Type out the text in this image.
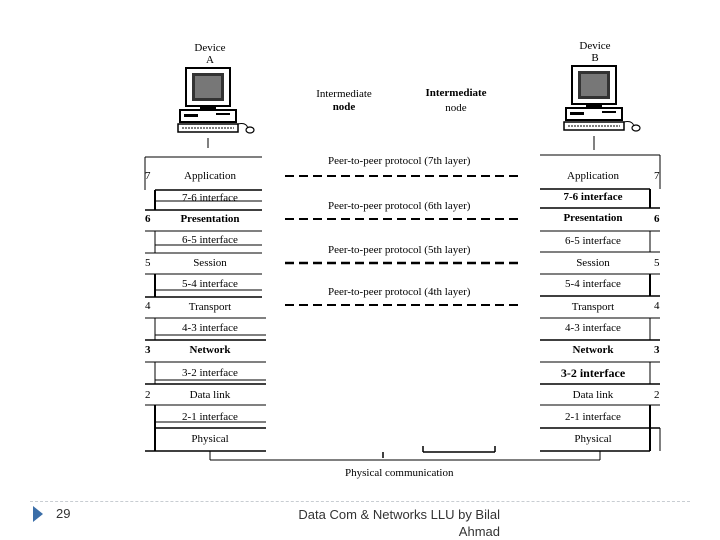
Device
A
Device
B
Intermediate
node
Intermediate
node
Application
7-6 interface
Presentation
6-5 interface
Session
5-4 interface
Transport
4-3 interface
Network
3-2 interface
Data link
2-1 interface
Physical
Application
7-6 interface
Presentation
6-5 interface
Session
5-4 interface
Transport
4-3 interface
Network
3-2 interface
Data link
2-1 interface
Physical
7
6
5
4
3
2
7
6
5
4
3
2
Peer-to-peer protocol (7th layer)
Peer-to-peer protocol (6th layer)
Peer-to-peer protocol (5th layer)
Peer-to-peer protocol (4th layer)
Physical communication
29	Data Com & Networks LLU by Bilal Ahmad
